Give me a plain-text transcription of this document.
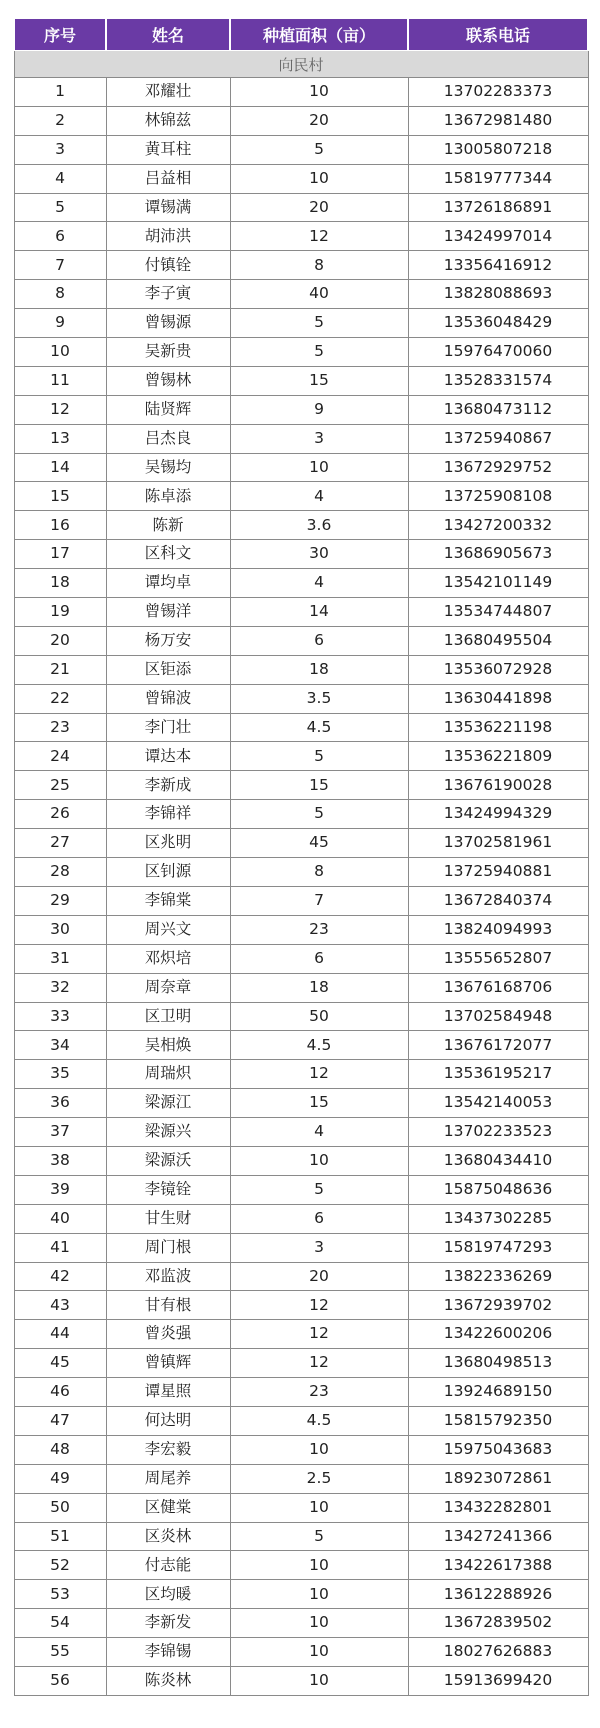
序号	姓名	种植面积（亩）	联系电话
向民村			
1	邓耀壮	10	13702283373
2	林锦兹	20	13672981480
3	黄耳柱	5	13005807218
4	吕益相	10	15819777344
5	谭锡满	20	13726186891
6	胡沛洪	12	13424997014
7	付镇铨	8	13356416912
8	李子寅	40	13828088693
9	曾锡源	5	13536048429
10	吴新贵	5	15976470060
11	曾锡林	15	13528331574
12	陆贤辉	9	13680473112
13	吕杰良	3	13725940867
14	吴锡均	10	13672929752
15	陈卓添	4	13725908108
16	陈新	3.6	13427200332
17	区科文	30	13686905673
18	谭均卓	4	13542101149
19	曾锡洋	14	13534744807
20	杨万安	6	13680495504
21	区钜添	18	13536072928
22	曾锦波	3.5	13630441898
23	李门壮	4.5	13536221198
24	谭达本	5	13536221809
25	李新成	15	13676190028
26	李锦祥	5	13424994329
27	区兆明	45	13702581961
28	区钊源	8	13725940881
29	李锦棠	7	13672840374
30	周兴文	23	13824094993
31	邓炽培	6	13555652807
32	周奈章	18	13676168706
33	区卫明	50	13702584948
34	吴相焕	4.5	13676172077
35	周瑞炽	12	13536195217
36	梁源江	15	13542140053
37	梁源兴	4	13702233523
38	梁源沃	10	13680434410
39	李镜铨	5	15875048636
40	甘生财	6	13437302285
41	周门根	3	15819747293
42	邓监波	20	13822336269
43	甘有根	12	13672939702
44	曾炎强	12	13422600206
45	曾镇辉	12	13680498513
46	谭星照	23	13924689150
47	何达明	4.5	15815792350
48	李宏毅	10	15975043683
49	周尾养	2.5	18923072861
50	区健棠	10	13432282801
51	区炎林	5	13427241366
52	付志能	10	13422617388
53	区均暖	10	13612288926
54	李新发	10	13672839502
55	李锦锡	10	18027626883
56	陈炎林	10	15913699420
